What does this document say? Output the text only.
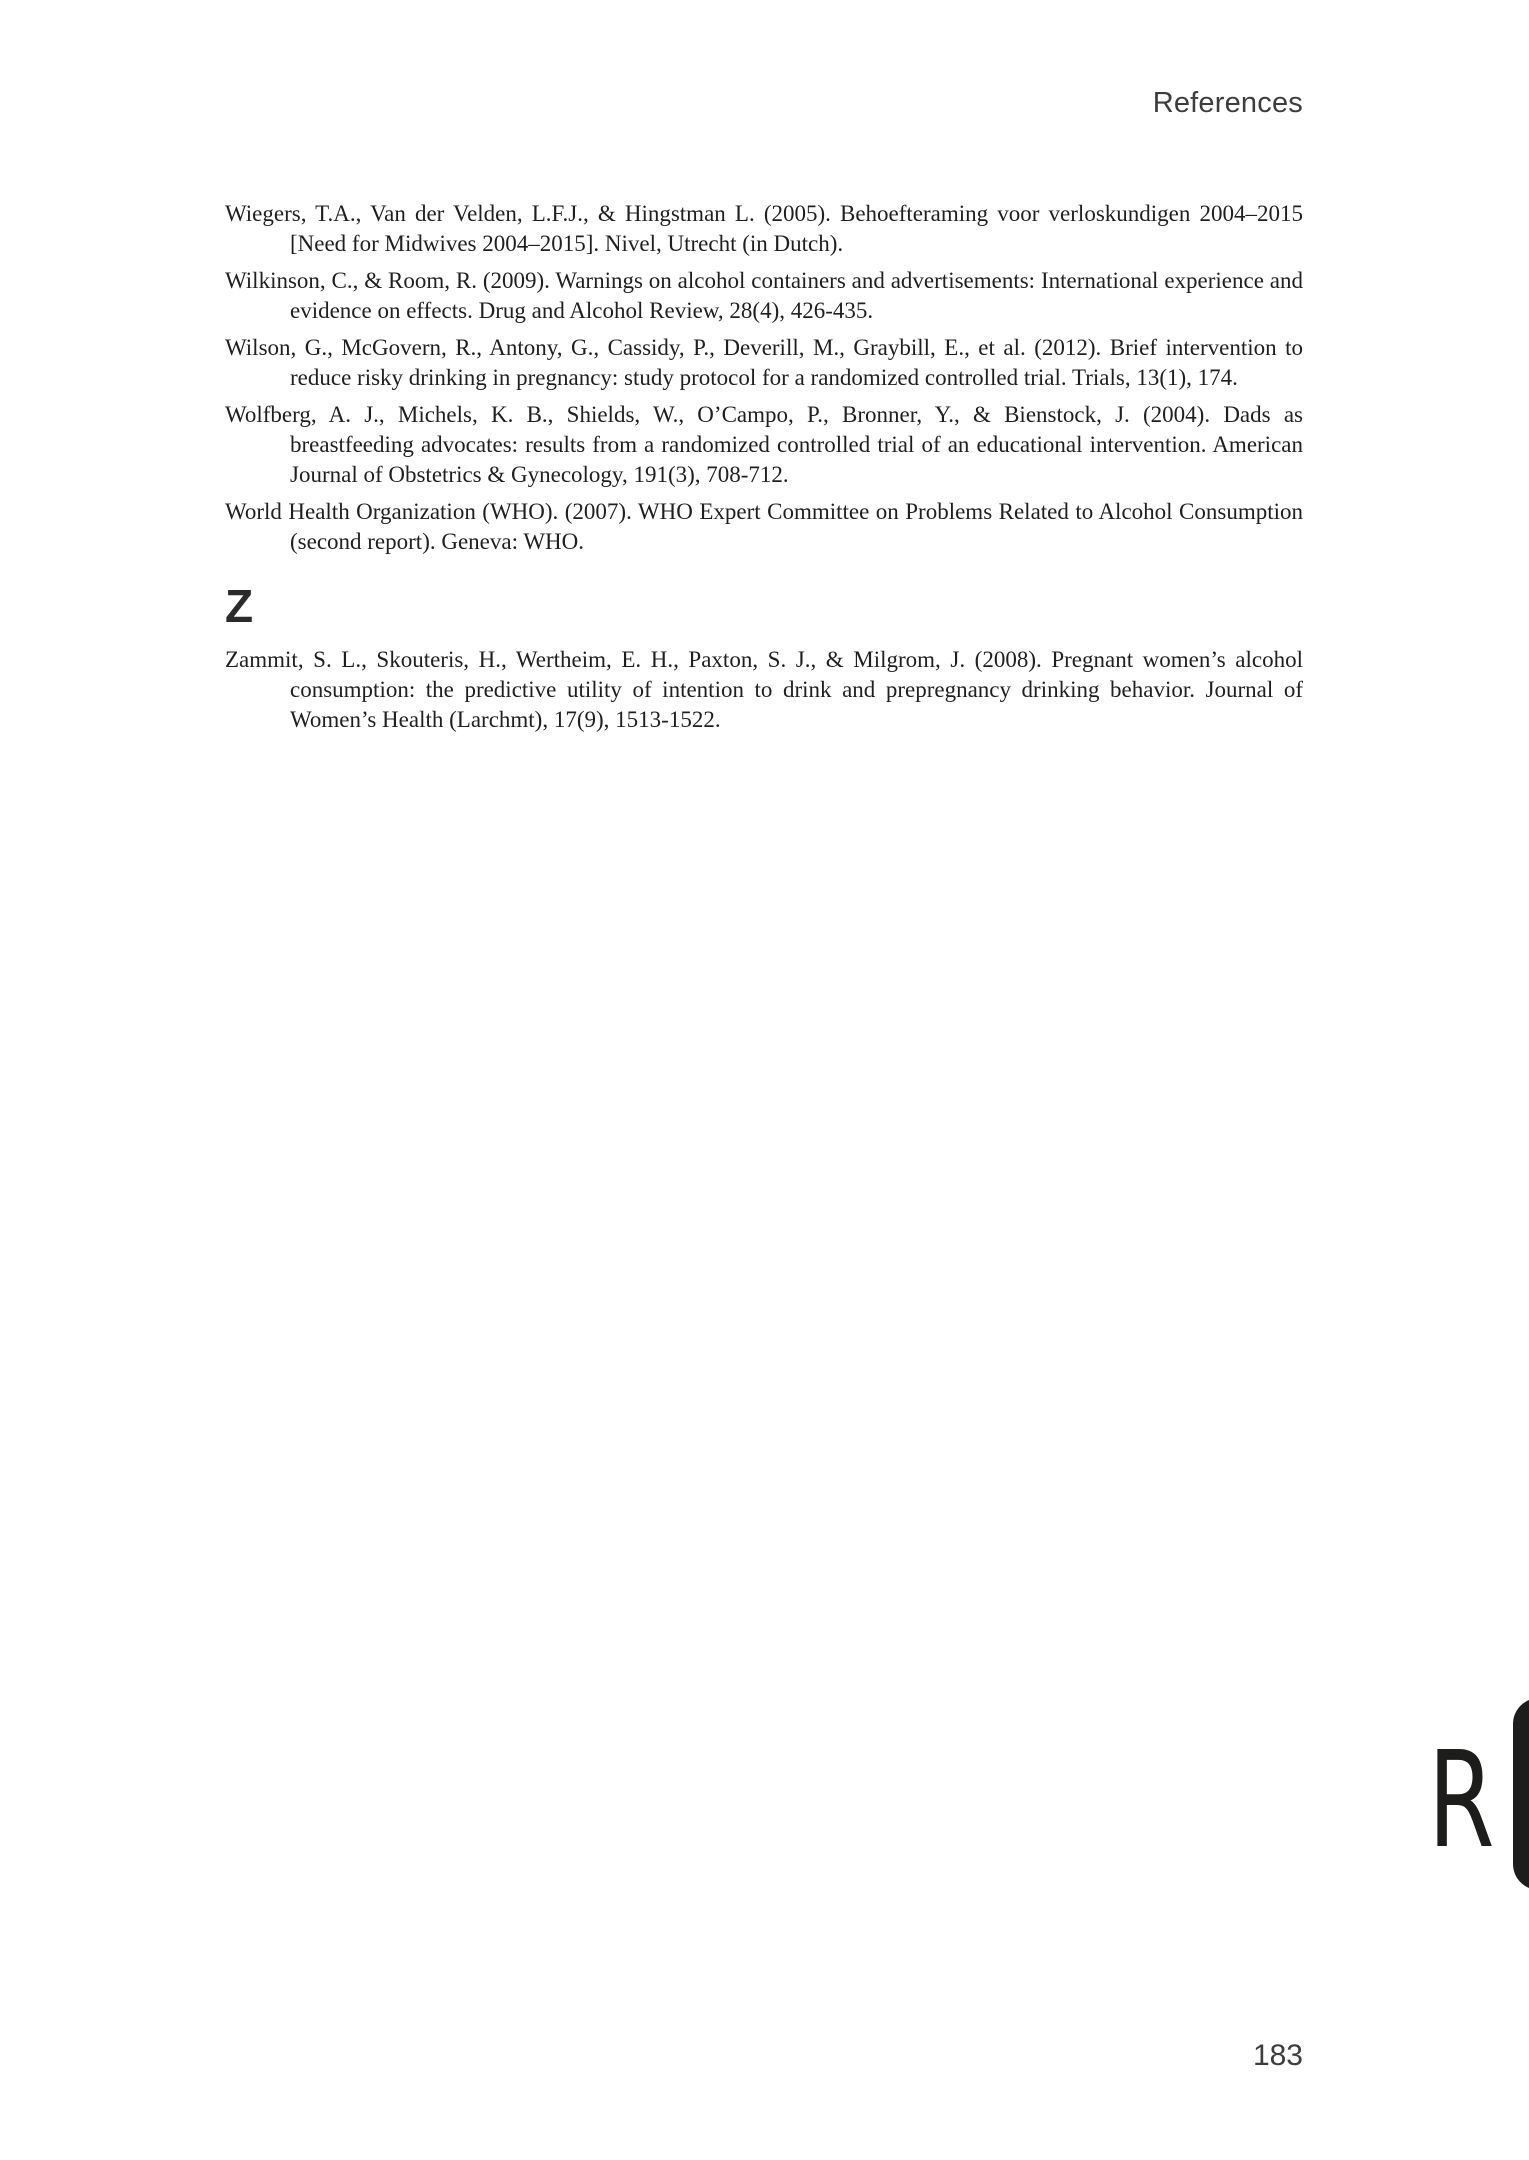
References

Wiegers, T.A., Van der Velden, L.F.J., & Hingstman L. (2005). Behoefteraming voor verloskundigen 2004–2015 [Need for Midwives 2004–2015]. Nivel, Utrecht (in Dutch).

Wilkinson, C., & Room, R. (2009). Warnings on alcohol containers and advertisements: International experience and evidence on effects. Drug and Alcohol Review, 28(4), 426-435.

Wilson, G., McGovern, R., Antony, G., Cassidy, P., Deverill, M., Graybill, E., et al. (2012). Brief intervention to reduce risky drinking in pregnancy: study protocol for a randomized controlled trial. Trials, 13(1), 174.

Wolfberg, A. J., Michels, K. B., Shields, W., O’Campo, P., Bronner, Y., & Bienstock, J. (2004). Dads as breastfeeding advocates: results from a randomized controlled trial of an educational intervention. American Journal of Obstetrics & Gynecology, 191(3), 708-712.

World Health Organization (WHO). (2007). WHO Expert Committee on Problems Related to Alcohol Consumption (second report). Geneva: WHO.

Z

Zammit, S. L., Skouteris, H., Wertheim, E. H., Paxton, S. J., & Milgrom, J. (2008). Pregnant women’s alcohol consumption: the predictive utility of intention to drink and prepregnancy drinking behavior. Journal of Women’s Health (Larchmt), 17(9), 1513-1522.

R
183
